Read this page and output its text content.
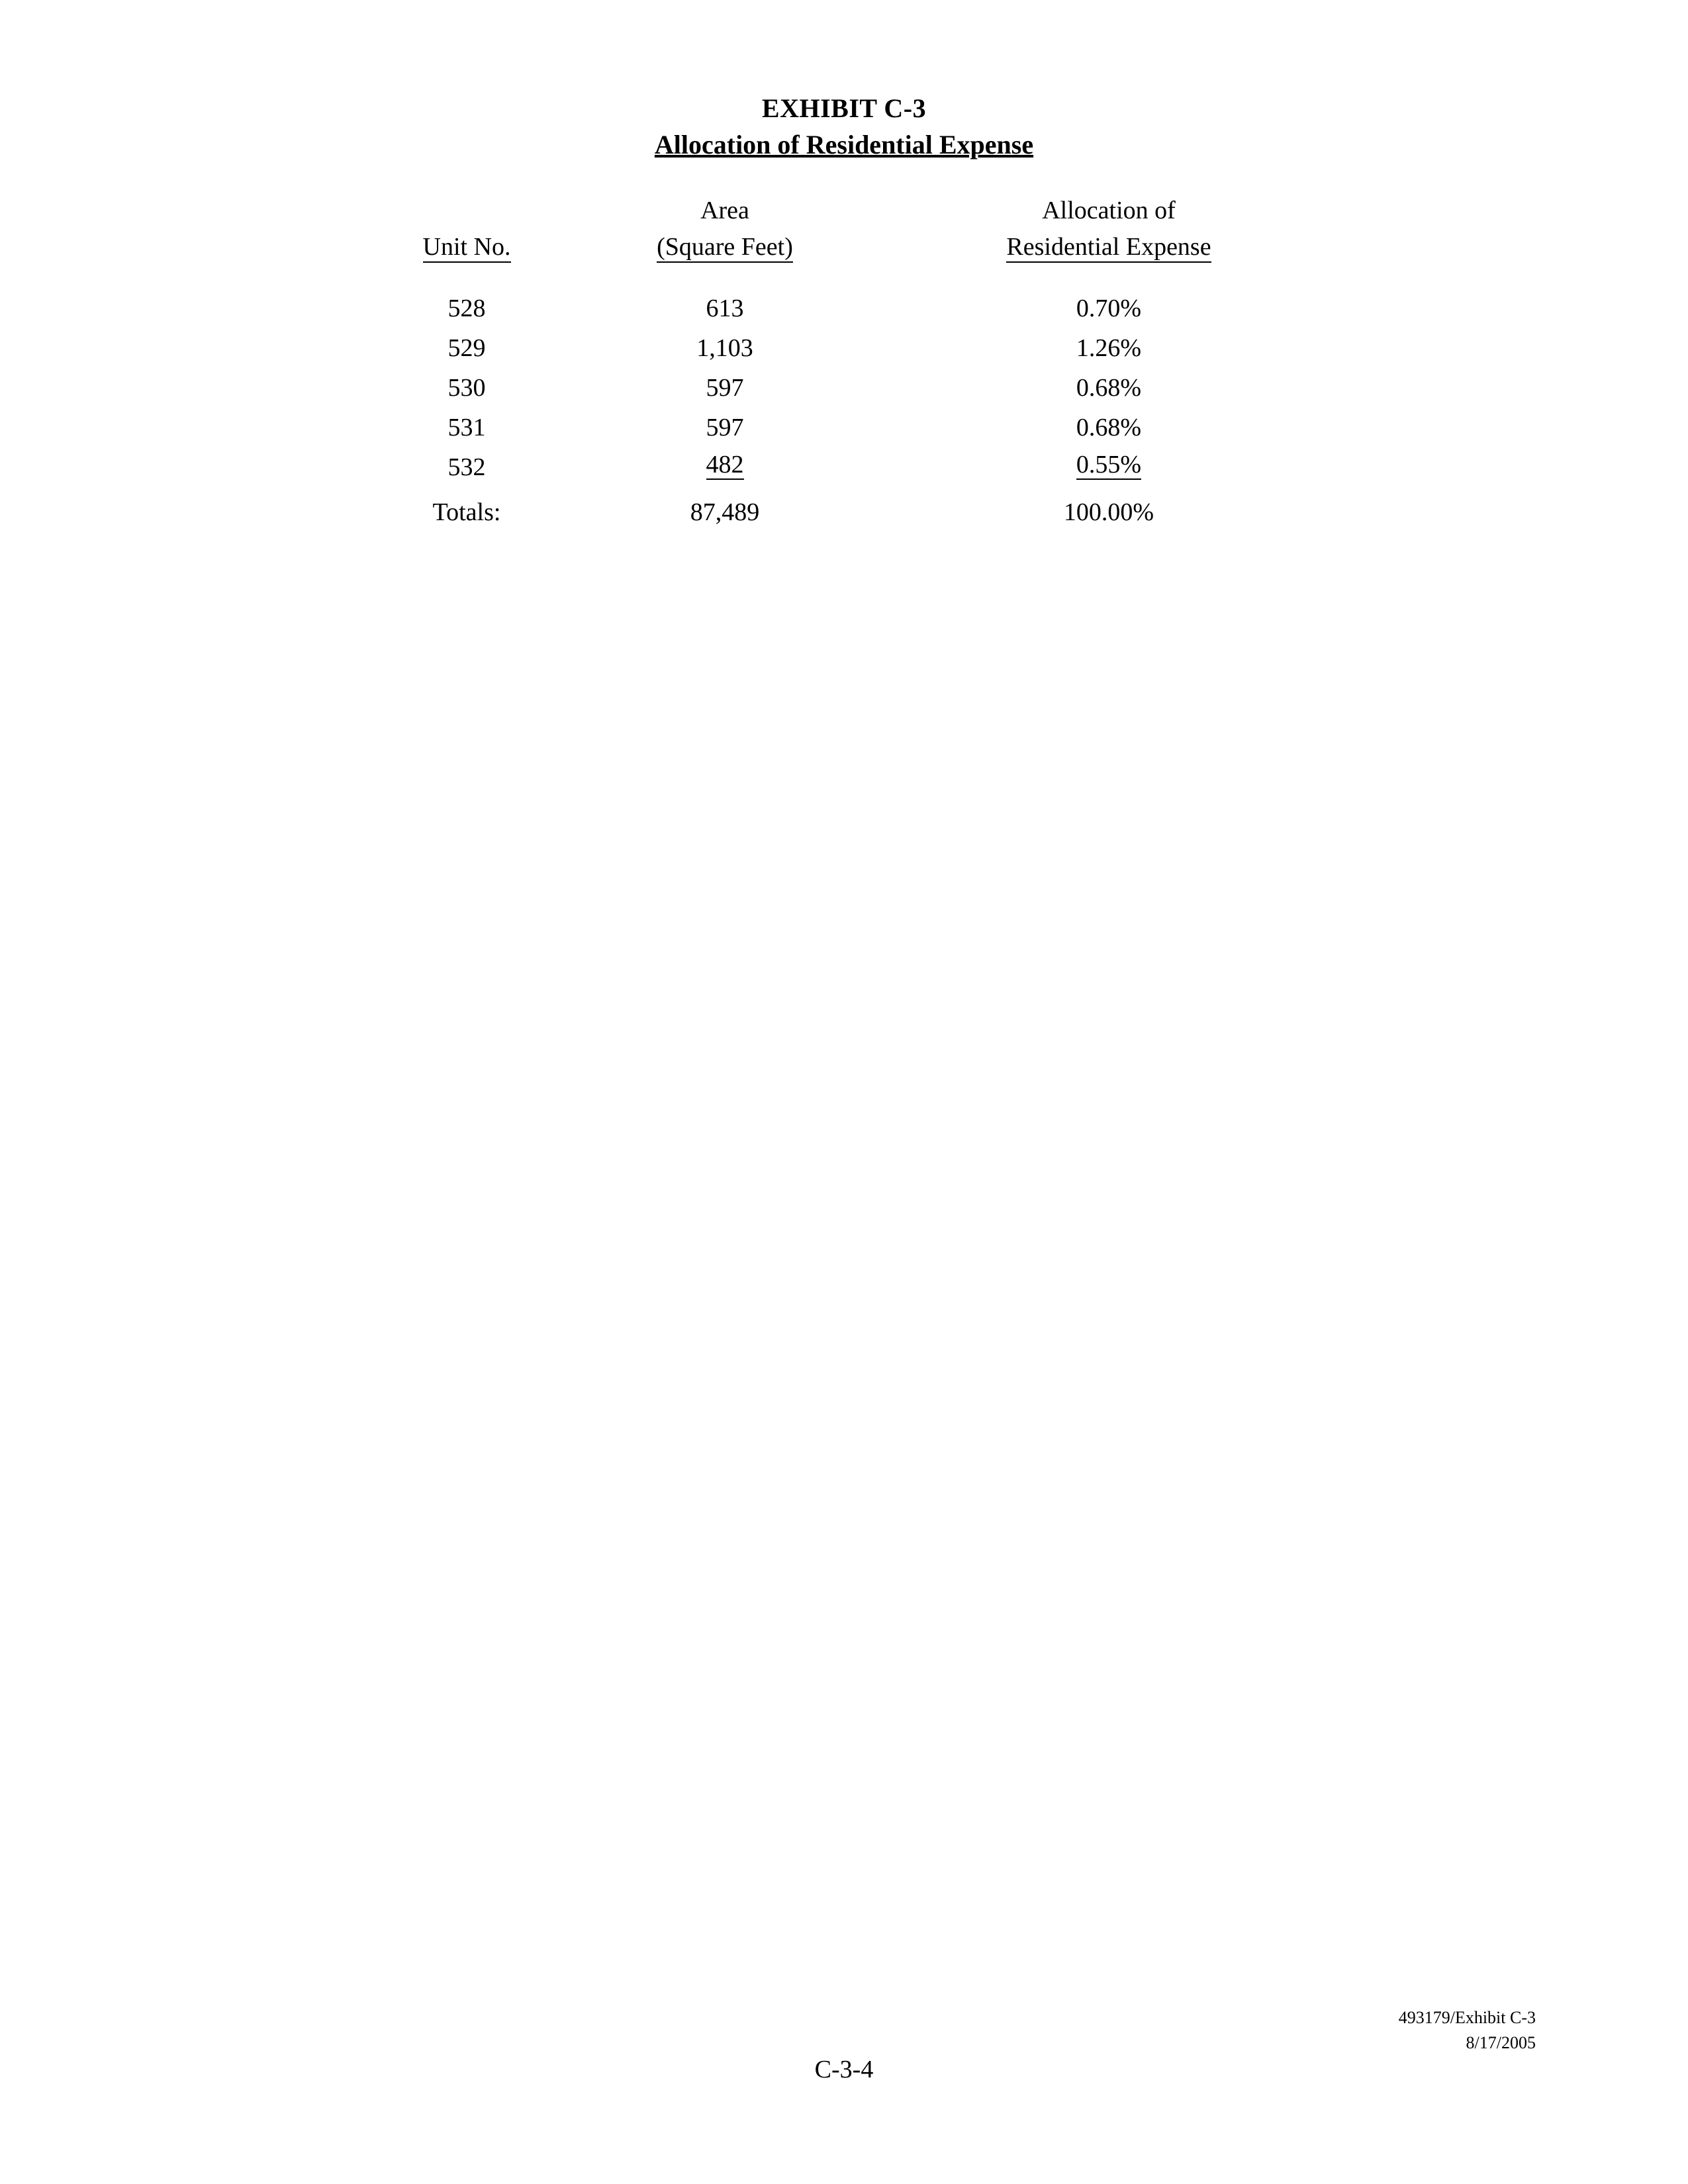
EXHIBIT C-3
Allocation of Residential Expense
	Area	Allocation of
Unit No.	(Square Feet)	Residential Expense
528	613	0.70%
529	1,103	1.26%
530	597	0.68%
531	597	0.68%
532	482	0.55%
Totals:	87,489	100.00%
C-3-4
493179/Exhibit C-3
8/17/2005
